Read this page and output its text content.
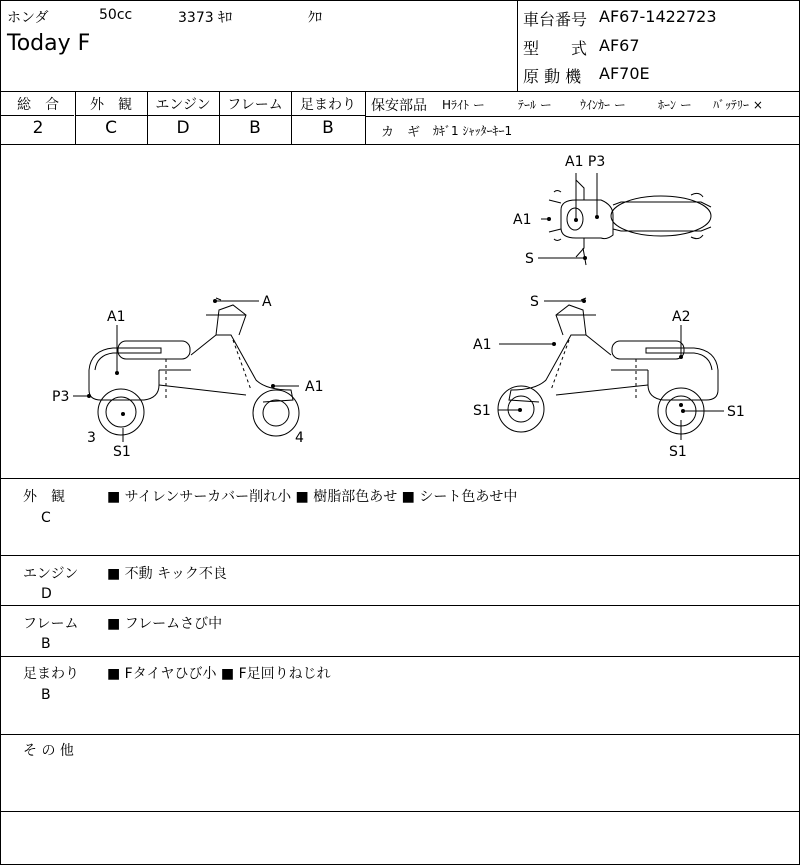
ホンダ	50cc	3373 ｷﾛ	ｸﾛ
Today F
車台番号 AF67-1422723
型　　式 AF67
原 動 機 AF70E
総　合
2
外　観
C
エンジン
D
フレーム
B
足まわり
B
保安部品 Hﾗｲﾄ ー	ﾃｰﾙ ー ｳｲﾝｶｰ ー	ﾎｰﾝ ー ﾊﾞｯﾃﾘｰ ×
カ　ギ ｶｷﾞ1 ｼｬｯﾀｰｷｰ1
A1 P3
A1
S
A
A1
A1
P3
3	4
S1
S
A1
A2
S1	S1
S1
外　観
C
■ サイレンサーカバー削れ小 ■ 樹脂部色あせ ■ シート色あせ中
エンジン
D
■ 不動 キック不良
フレーム
B
■ フレームさび中
足まわり
B
■ Fタイヤひび小 ■ F足回りねじれ
そ の 他
